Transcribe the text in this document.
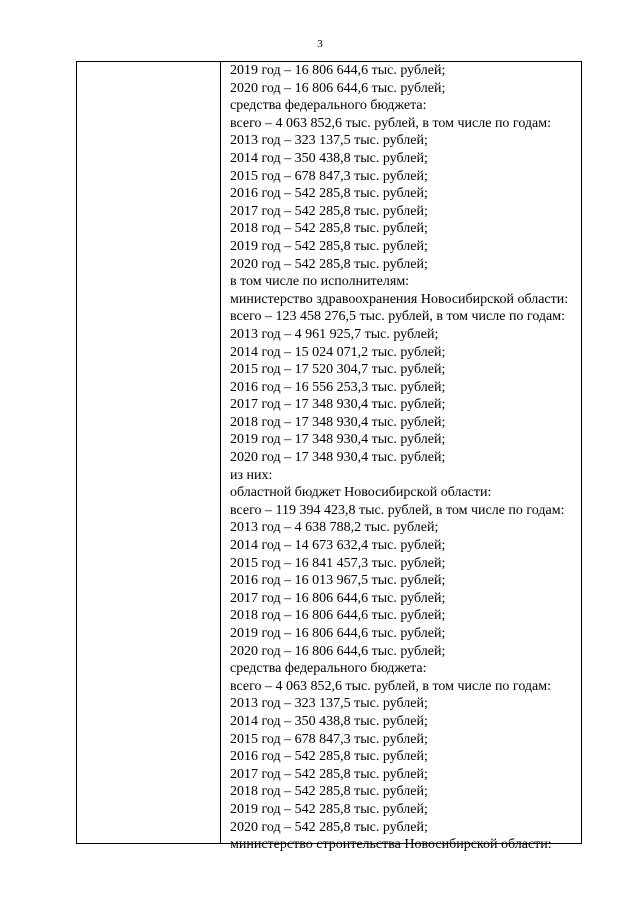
3
2019 год – 16 806 644,6 тыс. рублей;
2020 год – 16 806 644,6 тыс. рублей;
средства федерального бюджета:
всего – 4 063 852,6 тыс. рублей, в том числе по годам:
2013 год – 323 137,5 тыс. рублей;
2014 год – 350 438,8 тыс. рублей;
2015 год – 678 847,3 тыс. рублей;
2016 год – 542 285,8 тыс. рублей;
2017 год – 542 285,8 тыс. рублей;
2018 год – 542 285,8 тыс. рублей;
2019 год – 542 285,8 тыс. рублей;
2020 год – 542 285,8 тыс. рублей;
в том числе по исполнителям:
министерство здравоохранения Новосибирской области:
всего – 123 458 276,5 тыс. рублей, в том числе по годам:
2013 год – 4 961 925,7 тыс. рублей;
2014 год – 15 024 071,2 тыс. рублей;
2015 год – 17 520 304,7 тыс. рублей;
2016 год – 16 556 253,3 тыс. рублей;
2017 год – 17 348 930,4 тыс. рублей;
2018 год – 17 348 930,4 тыс. рублей;
2019 год – 17 348 930,4 тыс. рублей;
2020 год – 17 348 930,4 тыс. рублей;
из них:
областной бюджет Новосибирской области:
всего – 119 394 423,8 тыс. рублей, в том числе по годам:
2013 год – 4 638 788,2 тыс. рублей;
2014 год – 14 673 632,4 тыс. рублей;
2015 год – 16 841 457,3 тыс. рублей;
2016 год – 16 013 967,5 тыс. рублей;
2017 год – 16 806 644,6 тыс. рублей;
2018 год – 16 806 644,6 тыс. рублей;
2019 год – 16 806 644,6 тыс. рублей;
2020 год – 16 806 644,6 тыс. рублей;
средства федерального бюджета:
всего – 4 063 852,6 тыс. рублей, в том числе по годам:
2013 год – 323 137,5 тыс. рублей;
2014 год – 350 438,8 тыс. рублей;
2015 год – 678 847,3 тыс. рублей;
2016 год – 542 285,8 тыс. рублей;
2017 год – 542 285,8 тыс. рублей;
2018 год – 542 285,8 тыс. рублей;
2019 год – 542 285,8 тыс. рублей;
2020 год – 542 285,8 тыс. рублей;
министерство строительства Новосибирской области:
